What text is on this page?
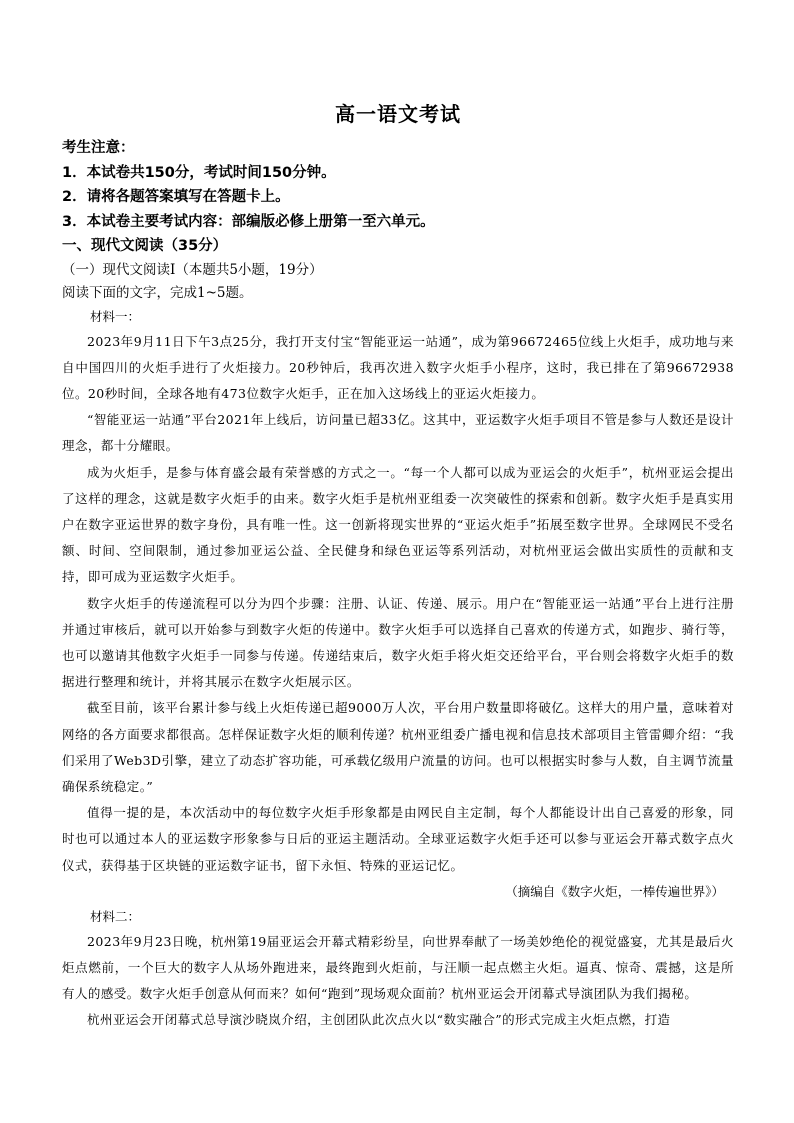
高一语文考试

考生注意：

1．本试卷共150分，考试时间150分钟。

2．请将各题答案填写在答题卡上。

3．本试卷主要考试内容：部编版必修上册第一至六单元。

一、现代文阅读（35分）

（一）现代文阅读Ⅰ（本题共5小题，19分）

阅读下面的文字，完成1~5题。

材料一：

2023年9月11日下午3点25分，我打开支付宝“智能亚运一站通”，成为第96672465位线上火炬手，成功地与来自中国四川的火炬手进行了火炬接力。20秒钟后，我再次进入数字火炬手小程序，这时，我已排在了第96672938位。20秒时间，全球各地有473位数字火炬手，正在加入这场线上的亚运火炬接力。

“智能亚运一站通”平台2021年上线后，访问量已超33亿。这其中，亚运数字火炬手项目不管是参与人数还是设计理念，都十分耀眼。

成为火炬手，是参与体育盛会最有荣誉感的方式之一。“每一个人都可以成为亚运会的火炬手”，杭州亚运会提出了这样的理念，这就是数字火炬手的由来。数字火炬手是杭州亚组委一次突破性的探索和创新。数字火炬手是真实用户在数字亚运世界的数字身份，具有唯一性。这一创新将现实世界的“亚运火炬手”拓展至数字世界。全球网民不受名额、时间、空间限制，通过参加亚运公益、全民健身和绿色亚运等系列活动，对杭州亚运会做出实质性的贡献和支持，即可成为亚运数字火炬手。

数字火炬手的传递流程可以分为四个步骤：注册、认证、传递、展示。用户在“智能亚运一站通”平台上进行注册并通过审核后，就可以开始参与到数字火炬的传递中。数字火炬手可以选择自己喜欢的传递方式，如跑步、骑行等，也可以邀请其他数字火炬手一同参与传递。传递结束后，数字火炬手将火炬交还给平台，平台则会将数字火炬手的数据进行整理和统计，并将其展示在数字火炬展示区。

截至目前，该平台累计参与线上火炬传递已超9000万人次，平台用户数量即将破亿。这样大的用户量，意味着对网络的各方面要求都很高。怎样保证数字火炬的顺利传递？杭州亚组委广播电视和信息技术部项目主管雷卿介绍：“我们采用了Web3D引擎，建立了动态扩容功能，可承载亿级用户流量的访问。也可以根据实时参与人数，自主调节流量确保系统稳定。”

值得一提的是，本次活动中的每位数字火炬手形象都是由网民自主定制，每个人都能设计出自己喜爱的形象，同时也可以通过本人的亚运数字形象参与日后的亚运主题活动。全球亚运数字火炬手还可以参与亚运会开幕式数字点火仪式，获得基于区块链的亚运数字证书，留下永恒、特殊的亚运记忆。

（摘编自《数字火炬，一棒传遍世界》）

材料二：

2023年9月23日晚，杭州第19届亚运会开幕式精彩纷呈，向世界奉献了一场美妙绝伦的视觉盛宴，尤其是最后火炬点燃前，一个巨大的数字人从场外跑进来，最终跑到火炬前，与汪顺一起点燃主火炬。逼真、惊奇、震撼，这是所有人的感受。数字火炬手创意从何而来？如何“跑到”现场观众面前？杭州亚运会开闭幕式导演团队为我们揭秘。

杭州亚运会开闭幕式总导演沙晓岚介绍，主创团队此次点火以“数实融合”的形式完成主火炬点燃，打造
